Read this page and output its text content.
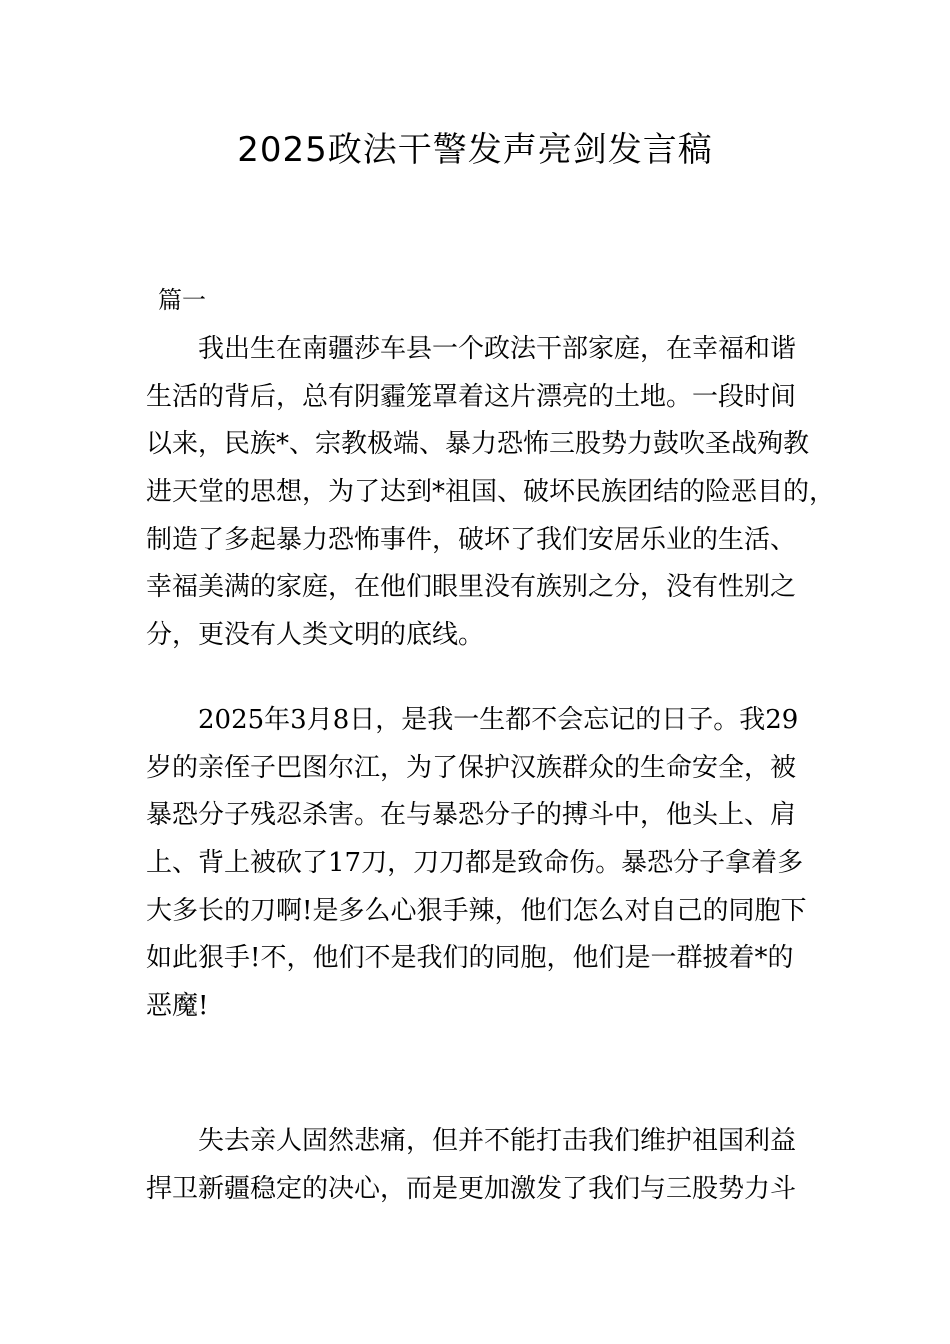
2025政法干警发声亮剑发言稿
篇一
我出生在南疆莎车县一个政法干部家庭，在幸福和谐
生活的背后，总有阴霾笼罩着这片漂亮的土地。一段时间
以来，民族*、宗教极端、暴力恐怖三股势力鼓吹圣战殉教
进天堂的思想，为了达到*祖国、破坏民族团结的险恶目的，
制造了多起暴力恐怖事件，破坏了我们安居乐业的生活、
幸福美满的家庭，在他们眼里没有族别之分，没有性别之
分，更没有人类文明的底线。
2025年3月8日，是我一生都不会忘记的日子。我29
岁的亲侄子巴图尔江，为了保护汉族群众的生命安全，被
暴恐分子残忍杀害。在与暴恐分子的搏斗中，他头上、肩
上、背上被砍了17刀，刀刀都是致命伤。暴恐分子拿着多
大多长的刀啊!是多么心狠手辣，他们怎么对自己的同胞下
如此狠手!不，他们不是我们的同胞，他们是一群披着*的
恶魔!
失去亲人固然悲痛，但并不能打击我们维护祖国利益
捍卫新疆稳定的决心，而是更加激发了我们与三股势力斗
